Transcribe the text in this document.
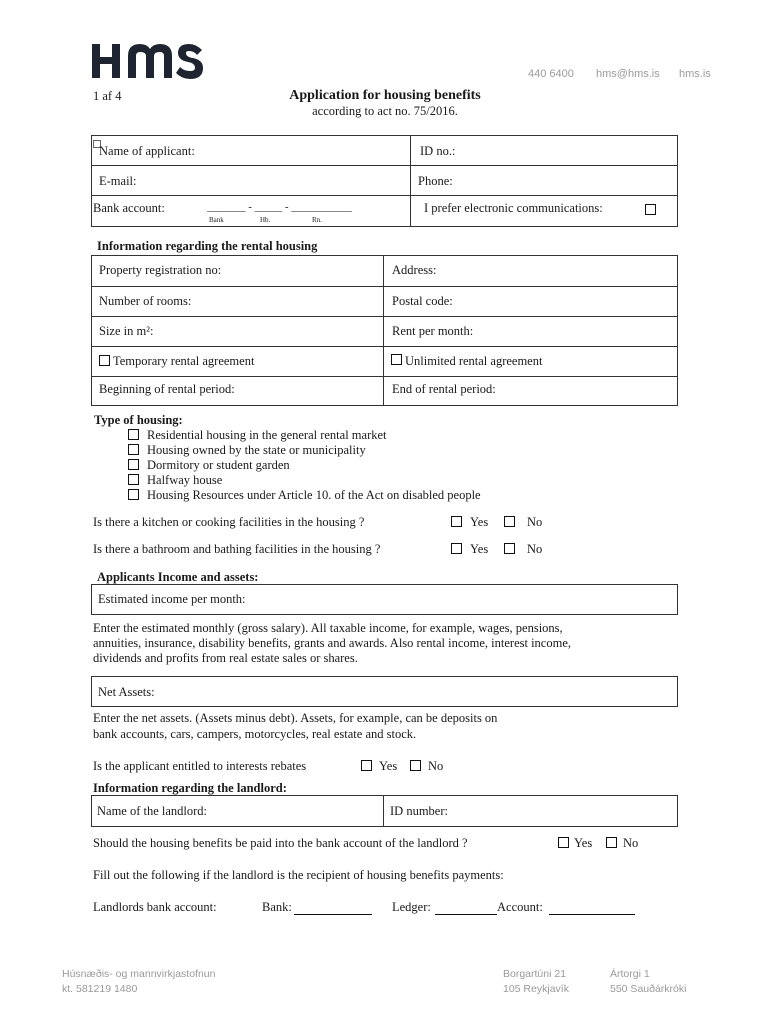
440 6400 hms@hms.is hms.is
1 af 4	Application for housing benefits
according to act no. 75/2016.
Name of applicant:	ID no.:
E-mail:	Phone:
Bank account:	_______ - _____ - ___________
Bank	Hb.	Rn.
I prefer electronic communications:
Information regarding the rental housing
Property registration no:	Address:
Number of rooms:	Postal code:
Size in m²:	Rent per month:
Temporary rental agreement	Unlimited rental agreement
Beginning of rental period:	End of rental period:
Type of housing:
Residential housing in the general rental market
Housing owned by the state or municipality
Dormitory or student garden
Halfway house
Housing Resources under Article 10. of the Act on disabled people
Is there a kitchen or cooking facilities in the housing ?	Yes	No
Is there a bathroom and bathing facilities in the housing ?	Yes	No
Applicants Income and assets:
Estimated income per month:
Enter the estimated monthly (gross salary). All taxable income, for example, wages, pensions,
annuities, insurance, disability benefits, grants and awards. Also rental income, interest income,
dividends and profits from real estate sales or shares.
Net Assets:
Enter the net assets. (Assets minus debt). Assets, for example, can be deposits on
bank accounts, cars, campers, motorcycles, real estate and stock.
Is the applicant entitled to interests rebates	Yes No
Information regarding the landlord:
Name of the landlord:	ID number:
Should the housing benefits be paid into the bank account of the landlord ?	Yes No
Fill out the following if the landlord is the recipient of housing benefits payments:
Landlords bank account:	Bank:	Ledger:	Account:
Húsnæðis- og mannvirkjastofnun
kt. 581219 1480
Borgartúni 21
105 Reykjavík
Ártorgi 1
550 Sauðárkróki
